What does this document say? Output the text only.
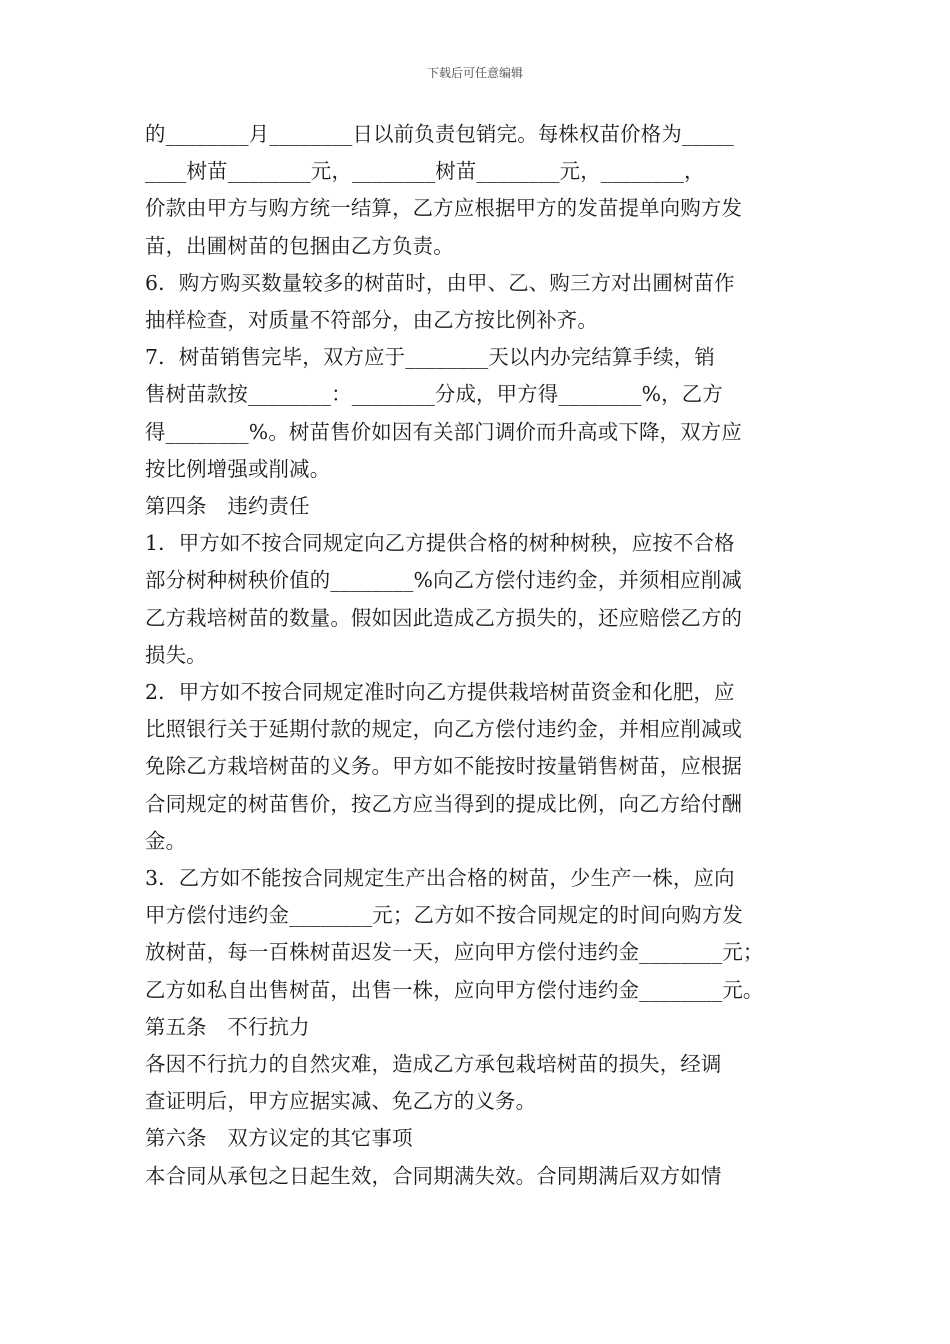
下载后可任意编辑

的________月________日以前负责包销完。每株权苗价格为_____

____树苗________元，________树苗________元，________，

价款由甲方与购方统一结算，乙方应根据甲方的发苗提单向购方发

苗，出圃树苗的包捆由乙方负责。

6．购方购买数量较多的树苗时，由甲、乙、购三方对出圃树苗作

抽样检查，对质量不符部分，由乙方按比例补齐。

7．树苗销售完毕，双方应于________天以内办完结算手续，销

售树苗款按________：________分成，甲方得________%，乙方

得________%。树苗售价如因有关部门调价而升高或下降，双方应

按比例增强或削减。

第四条　违约责任

1．甲方如不按合同规定向乙方提供合格的树种树秧，应按不合格

部分树种树秧价值的________%向乙方偿付违约金，并须相应削减

乙方栽培树苗的数量。假如因此造成乙方损失的，还应赔偿乙方的

损失。

2．甲方如不按合同规定准时向乙方提供栽培树苗资金和化肥，应

比照银行关于延期付款的规定，向乙方偿付违约金，并相应削减或

免除乙方栽培树苗的义务。甲方如不能按时按量销售树苗，应根据

合同规定的树苗售价，按乙方应当得到的提成比例，向乙方给付酬

金。

3．乙方如不能按合同规定生产出合格的树苗，少生产一株，应向

甲方偿付违约金________元；乙方如不按合同规定的时间向购方发

放树苗，每一百株树苗迟发一天，应向甲方偿付违约金________元；

乙方如私自出售树苗，出售一株，应向甲方偿付违约金________元。

第五条　不行抗力

各因不行抗力的自然灾难，造成乙方承包栽培树苗的损失，经调

查证明后，甲方应据实减、免乙方的义务。

第六条　双方议定的其它事项

本合同从承包之日起生效，合同期满失效。合同期满后双方如情
